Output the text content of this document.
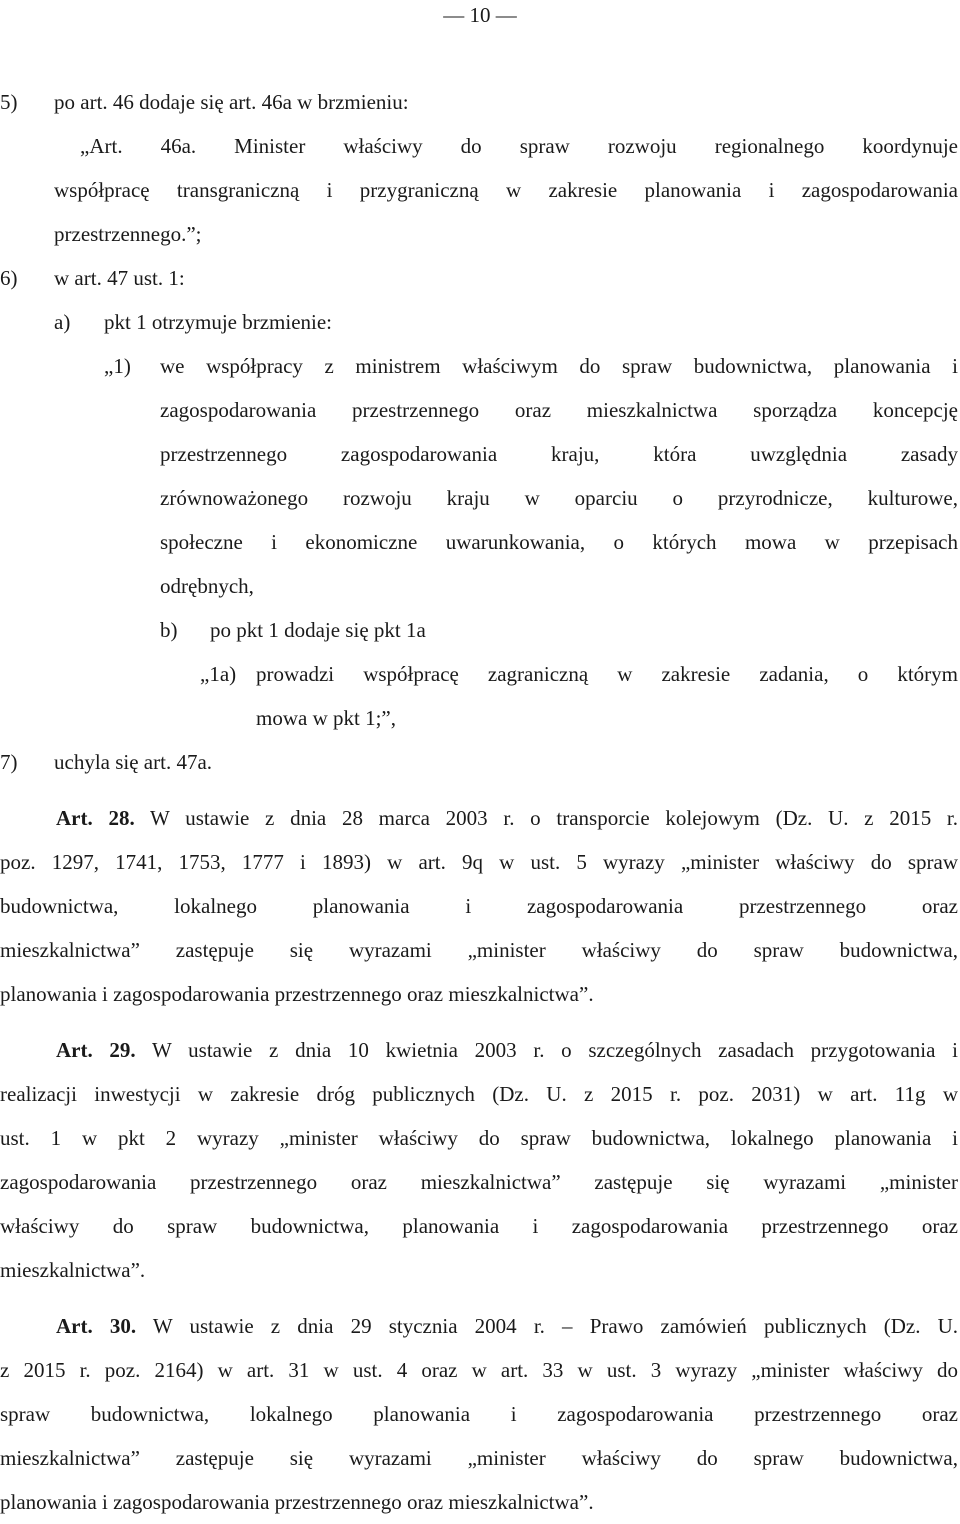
— 10 —
5) po art. 46 dodaje się art. 46a w brzmieniu:
„Art. 46a. Minister właściwy do spraw rozwoju regionalnego koordynuje
współpracę transgraniczną i przygraniczną w zakresie planowania i zagospodarowania
przestrzennego.”;
6) w art. 47 ust. 1:
a) pkt 1 otrzymuje brzmienie:
„1) we współpracy z ministrem właściwym do spraw budownictwa, planowania i
zagospodarowania przestrzennego oraz mieszkalnictwa sporządza koncepcję
przestrzennego zagospodarowania kraju, która uwzględnia zasady
zrównoważonego rozwoju kraju w oparciu o przyrodnicze, kulturowe,
społeczne i ekonomiczne uwarunkowania, o których mowa w przepisach
odrębnych,
b) po pkt 1 dodaje się pkt 1a
„1a) prowadzi współpracę zagraniczną w zakresie zadania, o którym
mowa w pkt 1;”,
7) uchyla się art. 47a.
Art. 28. W ustawie z dnia 28 marca 2003 r. o transporcie kolejowym (Dz. U. z 2015 r.
poz. 1297, 1741, 1753, 1777 i 1893) w art. 9q w ust. 5 wyrazy „minister właściwy do spraw
budownictwa, lokalnego planowania i zagospodarowania przestrzennego oraz
mieszkalnictwa” zastępuje się wyrazami „minister właściwy do spraw budownictwa,
planowania i zagospodarowania przestrzennego oraz mieszkalnictwa”.
Art. 29. W ustawie z dnia 10 kwietnia 2003 r. o szczególnych zasadach przygotowania i
realizacji inwestycji w zakresie dróg publicznych (Dz. U. z 2015 r. poz. 2031) w art. 11g w
ust. 1 w pkt 2 wyrazy „minister właściwy do spraw budownictwa, lokalnego planowania i
zagospodarowania przestrzennego oraz mieszkalnictwa” zastępuje się wyrazami „minister
właściwy do spraw budownictwa, planowania i zagospodarowania przestrzennego oraz
mieszkalnictwa”.
Art. 30. W ustawie z dnia 29 stycznia 2004 r. – Prawo zamówień publicznych (Dz. U.
z 2015 r. poz. 2164) w art. 31 w ust. 4 oraz w art. 33 w ust. 3 wyrazy „minister właściwy do
spraw budownictwa, lokalnego planowania i zagospodarowania przestrzennego oraz
mieszkalnictwa” zastępuje się wyrazami „minister właściwy do spraw budownictwa,
planowania i zagospodarowania przestrzennego oraz mieszkalnictwa”.
